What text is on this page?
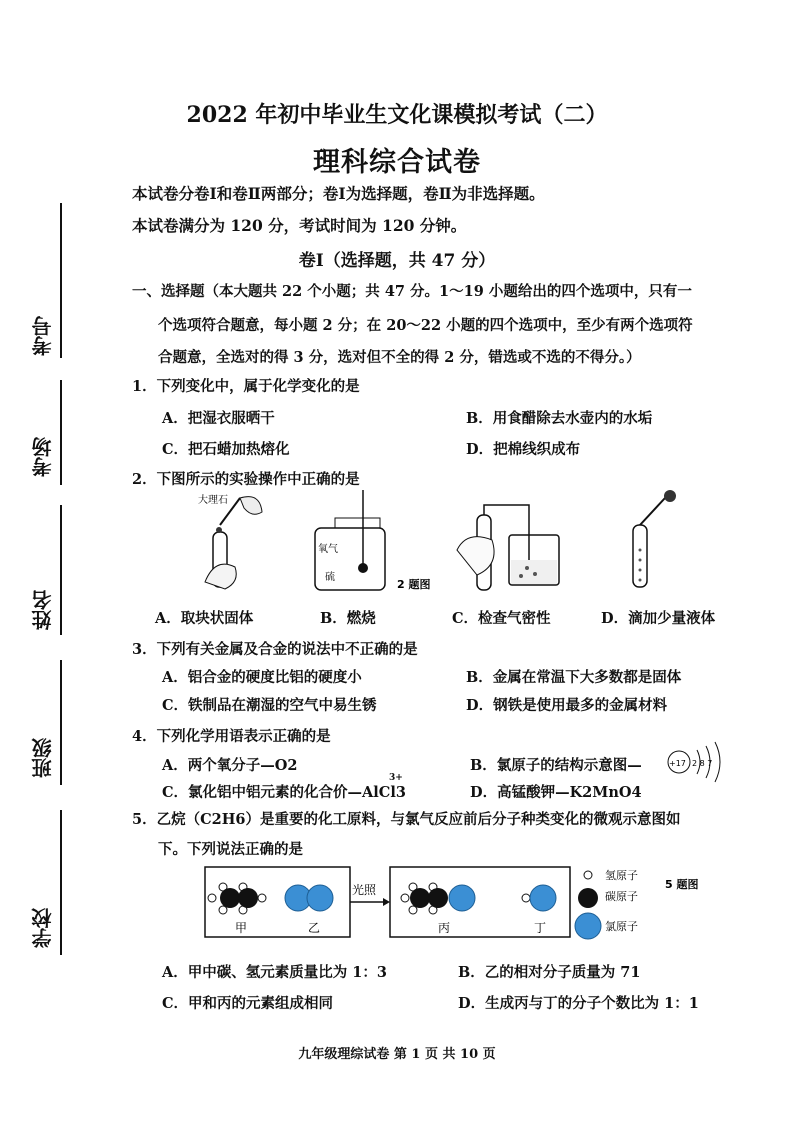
考号
考场
姓名
班级
学校
2022 年初中毕业生文化课模拟考试（二）
理科综合试卷
本试卷分卷Ⅰ和卷Ⅱ两部分；卷Ⅰ为选择题，卷Ⅱ为非选择题。
本试卷满分为 120 分，考试时间为 120 分钟。
卷Ⅰ（选择题，共 47 分）
一、选择题（本大题共 22 个小题；共 47 分。1～19 小题给出的四个选项中，只有一
个选项符合题意，每小题 2 分；在 20～22 小题的四个选项中，至少有两个选项符
合题意，全选对的得 3 分，选对但不全的得 2 分，错选或不选的不得分。）
1．下列变化中，属于化学变化的是
A．把湿衣服晒干	B．用食醋除去水壶内的水垢
C．把石蜡加热熔化	D．把棉线织成布
2．下图所示的实验操作中正确的是
大理石
氧气
硫
2 题图
A．取块状固体	B．燃烧	C．检查气密性	D．滴加少量液体
3．下列有关金属及合金的说法中不正确的是
A．铝合金的硬度比铝的硬度小	B．金属在常温下大多数都是固体
C．铁制品在潮湿的空气中易生锈	D．钢铁是使用最多的金属材料
4．下列化学用语表示正确的是
A．两个氧分子—O2	B．氯原子的结构示意图—	+17 2 8 7
3+
C．氯化铝中铝元素的化合价—AlCl3	D．高锰酸钾—K2MnO4
5．乙烷（C2H6）是重要的化工原料，与氯气反应前后分子种类变化的微观示意图如
下。下列说法正确的是
甲	乙
光照
丙	丁
氢原子
碳原子
氯原子
5 题图
A．甲中碳、氢元素质量比为 1：3	B．乙的相对分子质量为 71
C．甲和丙的元素组成相同	D．生成丙与丁的分子个数比为 1：1
九年级理综试卷 第 1 页 共 10 页
